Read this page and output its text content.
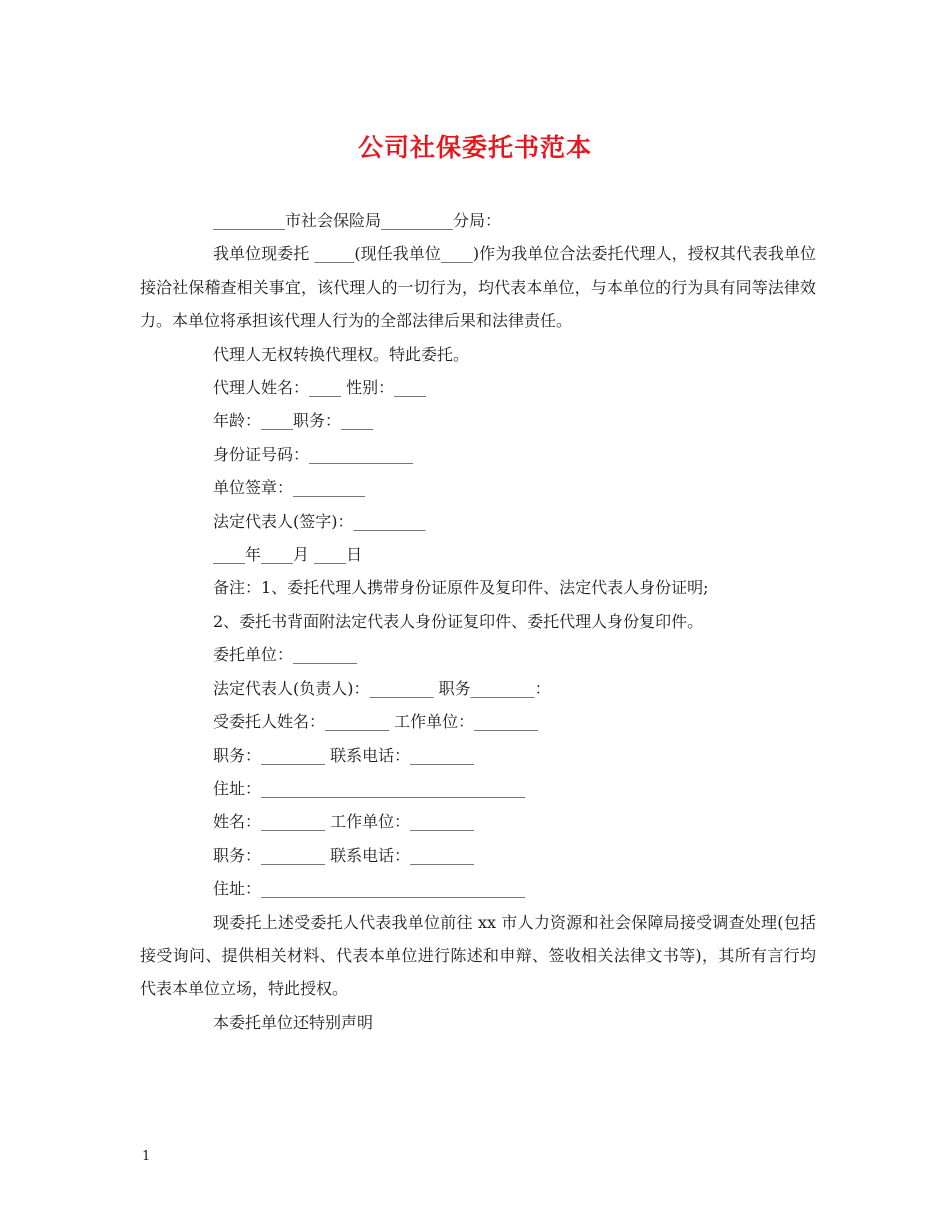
公司社保委托书范本
_________市社会保险局_________分局：
我单位现委托 _____(现任我单位____)作为我单位合法委托代理人，授权其代表我单位接洽社保稽查相关事宜，该代理人的一切行为，均代表本单位，与本单位的行为具有同等法律效力。本单位将承担该代理人行为的全部法律后果和法律责任。
代理人无权转换代理权。特此委托。
代理人姓名：____ 性别：____
年龄：____职务：____
身份证号码：_____________
单位签章：_________
法定代表人(签字)：_________
____年____月 ____日
备注：1、委托代理人携带身份证原件及复印件、法定代表人身份证明;
2、委托书背面附法定代表人身份证复印件、委托代理人身份复印件。
委托单位：________
法定代表人(负责人)：________ 职务________：
受委托人姓名：________ 工作单位：________
职务：________ 联系电话：________
住址：_________________________________
姓名：________ 工作单位：________
职务：________ 联系电话：________
住址：_________________________________
现委托上述受委托人代表我单位前往 xx 市人力资源和社会保障局接受调查处理(包括接受询问、提供相关材料、代表本单位进行陈述和申辩、签收相关法律文书等)，其所有言行均代表本单位立场，特此授权。
本委托单位还特别声明
1
